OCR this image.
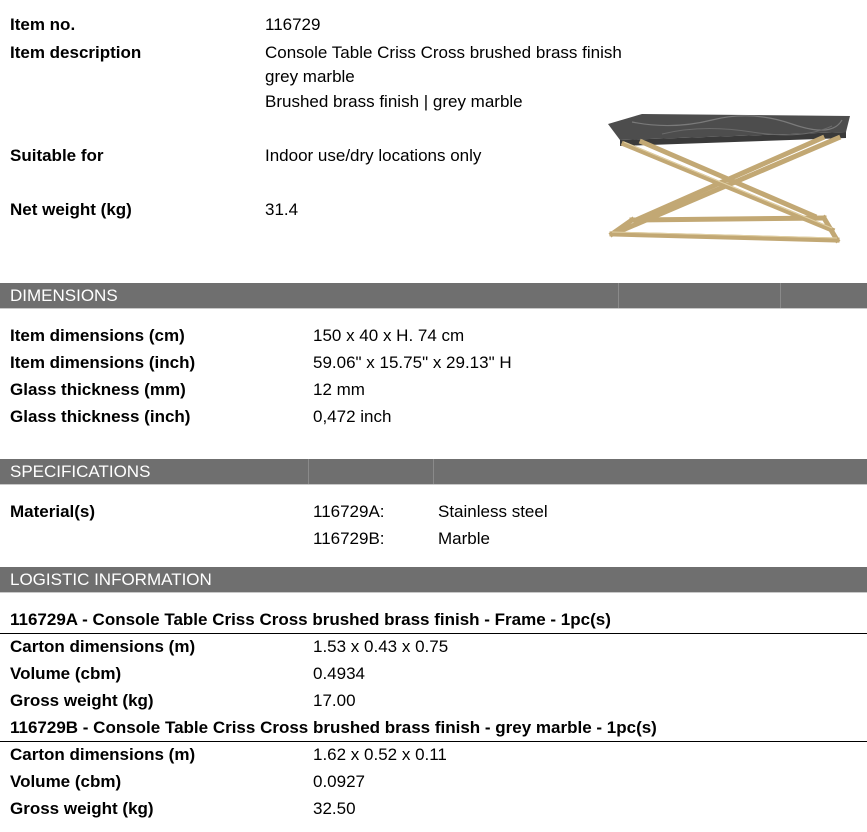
Item no.	116729
Item description	Console Table Criss Cross brushed brass finish
grey marble
Brushed brass finish | grey marble
Suitable for	Indoor use/dry locations only
Net weight (kg)	31.4
DIMENSIONS
Item dimensions (cm)	150 x 40 x H. 74 cm
Item dimensions (inch)	59.06" x 15.75" x 29.13" H
Glass thickness (mm)	12 mm
Glass thickness (inch)	0,472 inch
SPECIFICATIONS
Material(s)	116729A:	Stainless steel
116729B:	Marble
LOGISTIC INFORMATION
116729A - Console Table Criss Cross brushed brass finish - Frame - 1pc(s)
Carton dimensions (m)	1.53 x 0.43 x 0.75
Volume (cbm)	0.4934
Gross weight (kg)	17.00
116729B - Console Table Criss Cross brushed brass finish - grey marble - 1pc(s)
Carton dimensions (m)	1.62 x 0.52 x 0.11
Volume (cbm)	0.0927
Gross weight (kg)	32.50
